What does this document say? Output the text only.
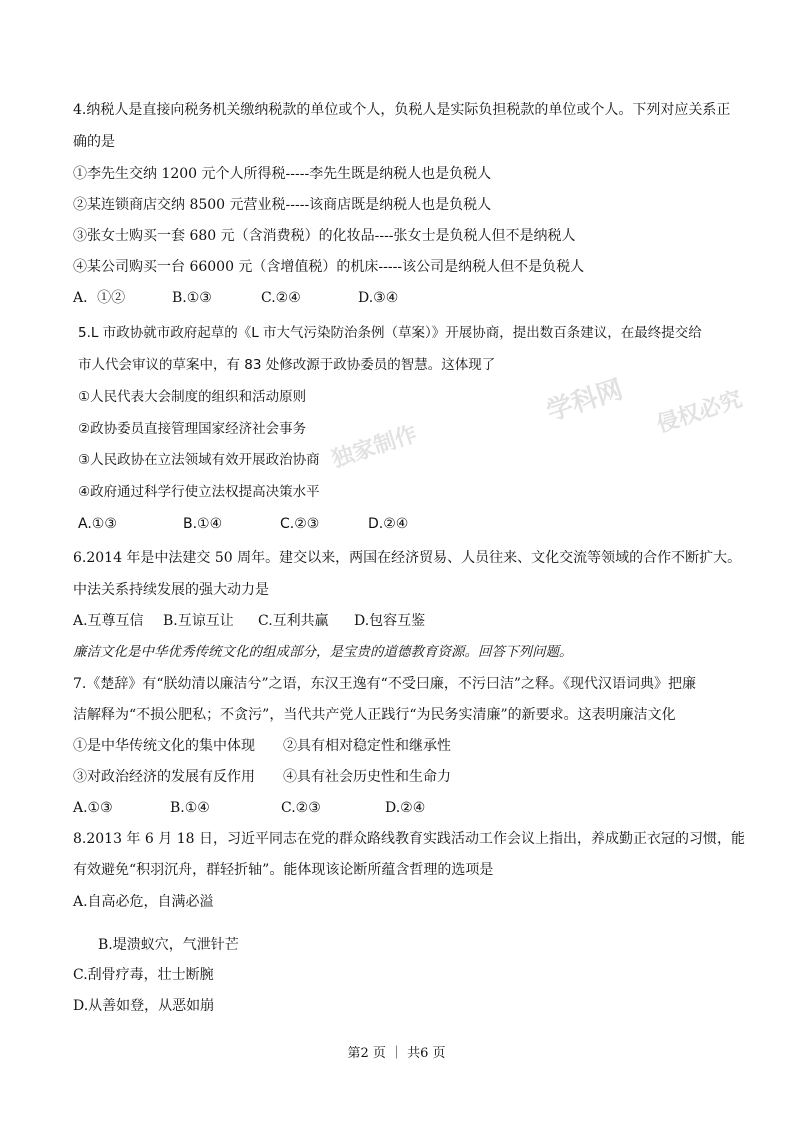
学科网
独家制作
侵权必究
4.纳税人是直接向税务机关缴纳税款的单位或个人，负税人是实际负担税款的单位或个人。下列对应关系正
确的是
①李先生交纳 1200 元个人所得税-----李先生既是纳税人也是负税人
②某连锁商店交纳 8500 元营业税-----该商店既是纳税人也是负税人
③张女士购买一套 680 元（含消费税）的化妆品----张女士是负税人但不是纳税人
④某公司购买一台 66000 元（含增值税）的机床-----该公司是纳税人但不是负税人
A．①②	B.①③	C.②④	D.③④
5.L 市政协就市政府起草的《L 市大气污染防治条例（草案）》开展协商，提出数百条建议，在最终提交给
市人代会审议的草案中，有 83 处修改源于政协委员的智慧。这体现了
①人民代表大会制度的组织和活动原则
②政协委员直接管理国家经济社会事务
③人民政协在立法领域有效开展政治协商
④政府通过科学行使立法权提高决策水平
A.①③	B.①④	C.②③	D.②④
6.2014 年是中法建交 50 周年。建交以来，两国在经济贸易、人员往来、文化交流等领域的合作不断扩大。
中法关系持续发展的强大动力是
A.互尊互信 B.互谅互让 C.互利共赢 D.包容互鉴
廉洁文化是中华优秀传统文化的组成部分，是宝贵的道德教育资源。回答下列问题。
7.《楚辞》有“朕幼清以廉洁兮”之语，东汉王逸有“不受曰廉，不污曰洁”之释。《现代汉语词典》把廉
洁解释为“不损公肥私；不贪污”，当代共产党人正践行“为民务实清廉”的新要求。这表明廉洁文化
①是中华传统文化的集中体现 ②具有相对稳定性和继承性
③对政治经济的发展有反作用 ④具有社会历史性和生命力
A.①③	B.①④	C.②③	D.②④
8.2013 年 6 月 18 日，习近平同志在党的群众路线教育实践活动工作会议上指出，养成勤正衣冠的习惯，能
有效避免“积羽沉舟，群轻折轴”。能体现该论断所蕴含哲理的选项是
A.自高必危，自满必溢
B.堤溃蚁穴，气泄针芒
C.刮骨疗毒，壮士断腕
D.从善如登，从恶如崩
第2 页 ｜ 共6 页
